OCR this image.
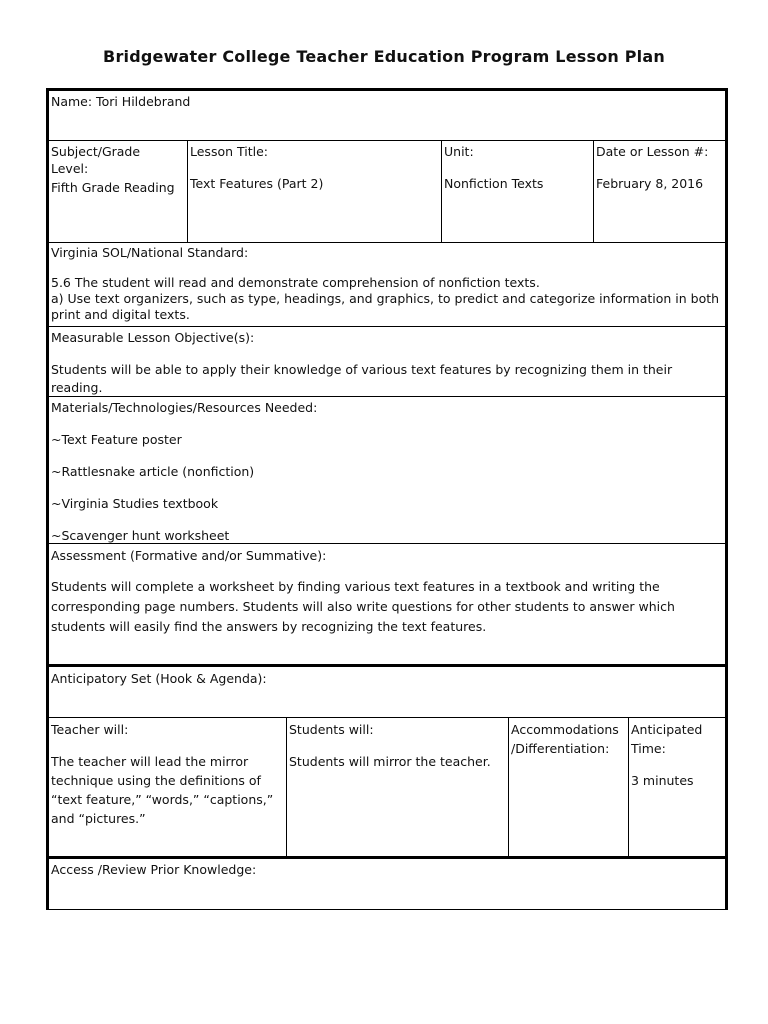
Bridgewater College Teacher Education Program Lesson Plan
Name: Tori Hildebrand

Subject/Grade Level:

Fifth Grade Reading

Lesson Title:

Text Features (Part 2)

Unit:

Nonfiction Texts

Date or Lesson #:

February 8, 2016

Virginia SOL/National Standard:

5.6 The student will read and demonstrate comprehension of nonfiction texts.

a) Use text organizers, such as type, headings, and graphics, to predict and categorize information in both print and digital texts.

Measurable Lesson Objective(s):

Students will be able to apply their knowledge of various text features by recognizing them in their reading.

Materials/Technologies/Resources Needed:

~Text Feature poster

~Rattlesnake article (nonfiction)

~Virginia Studies textbook

~Scavenger hunt worksheet

Assessment (Formative and/or Summative):

Students will complete a worksheet by finding various text features in a textbook and writing the corresponding page numbers. Students will also write questions for other students to answer which students will easily find the answers by recognizing the text features.

Anticipatory Set (Hook & Agenda):

Teacher will:

The teacher will lead the mirror technique using the definitions of “text feature,” “words,” “captions,” and “pictures.”

Students will:

Students will mirror the teacher.

Accommodations /Differentiation:

Anticipated Time:

3 minutes

Access /Review Prior Knowledge:
